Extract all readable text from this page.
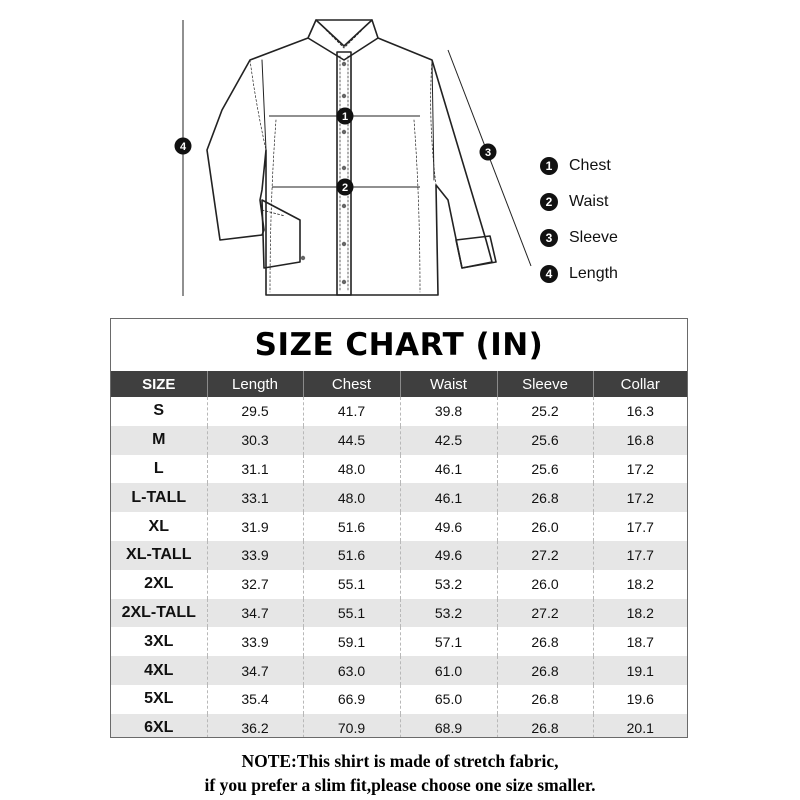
1
2
3
4
1	Chest
2	Waist
3	Sleeve
4	Length
SIZE CHART (IN)
SIZE	Length	Chest	Waist	Sleeve	Collar
S	29.5	41.7	39.8	25.2	16.3
M	30.3	44.5	42.5	25.6	16.8
L	31.1	48.0	46.1	25.6	17.2
L-TALL	33.1	48.0	46.1	26.8	17.2
XL	31.9	51.6	49.6	26.0	17.7
XL-TALL	33.9	51.6	49.6	27.2	17.7
2XL	32.7	55.1	53.2	26.0	18.2
2XL-TALL	34.7	55.1	53.2	27.2	18.2
3XL	33.9	59.1	57.1	26.8	18.7
4XL	34.7	63.0	61.0	26.8	19.1
5XL	35.4	66.9	65.0	26.8	19.6
6XL	36.2	70.9	68.9	26.8	20.1
NOTE:This shirt is made of stretch fabric,
if you prefer a slim fit,please choose one size smaller.
